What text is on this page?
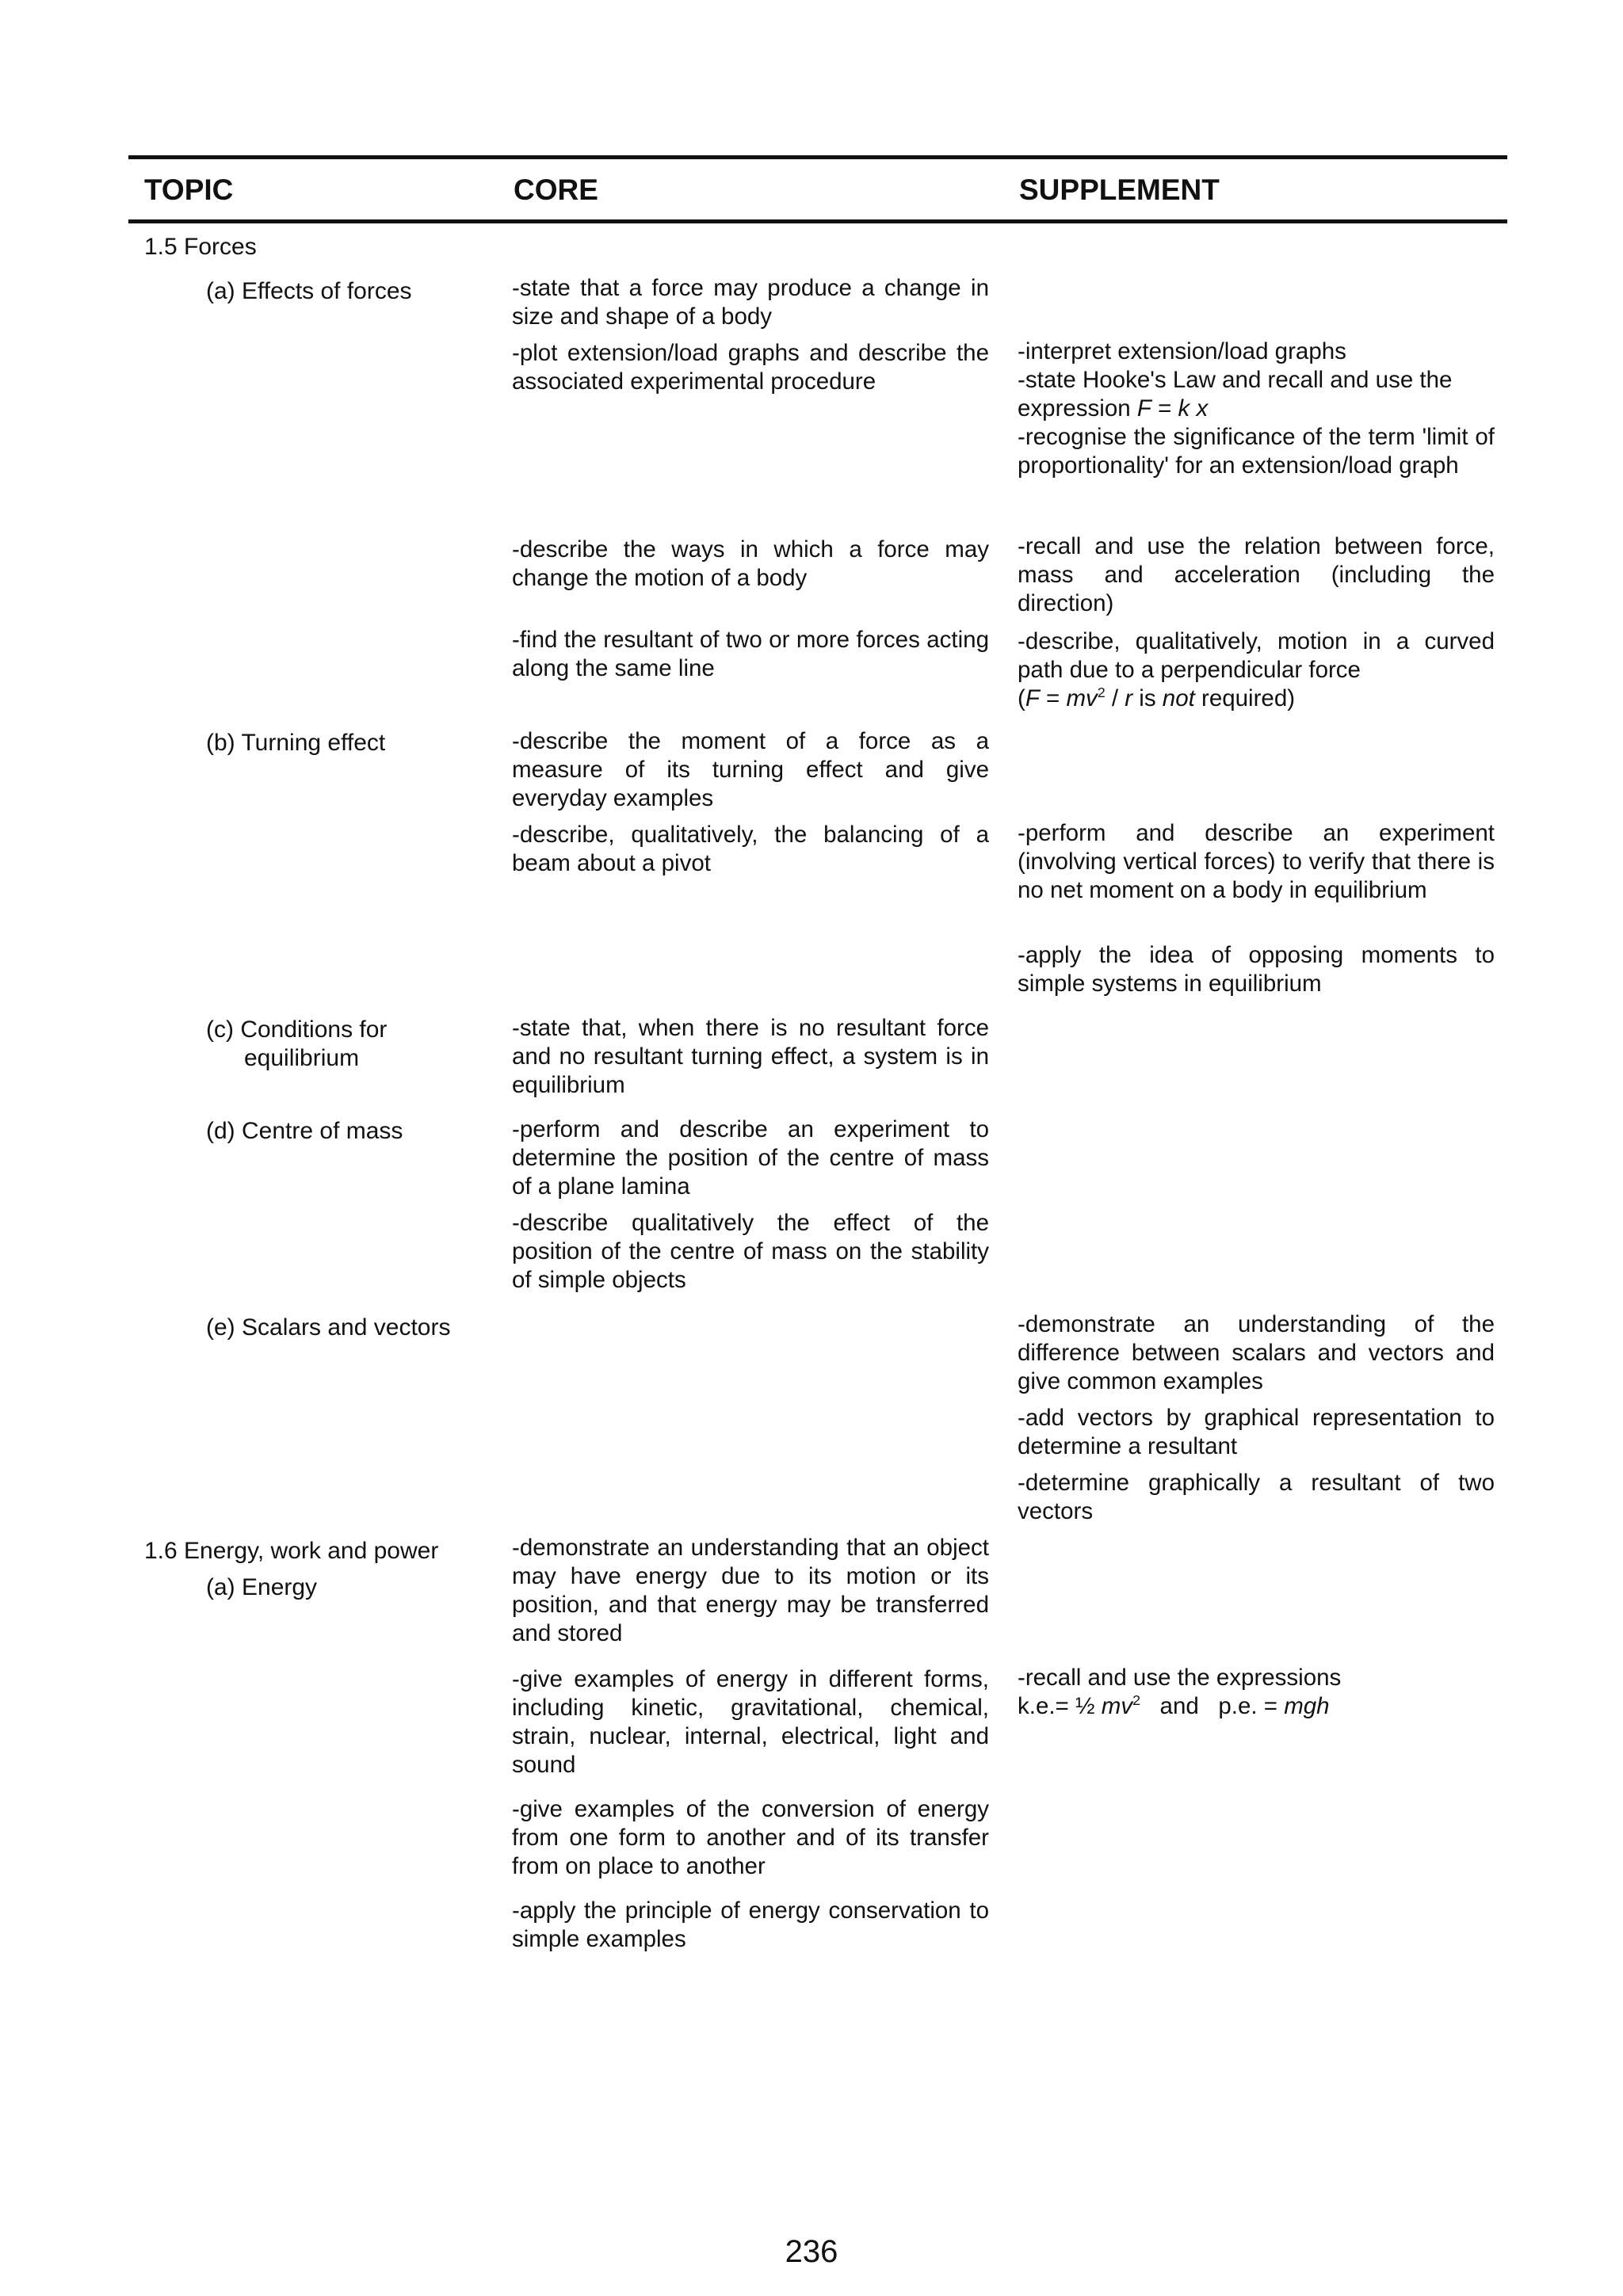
TOPIC	CORE	SUPPLEMENT
1.5 Forces
(a) Effects of forces
(b) Turning effect
(c) Conditions for
equilibrium
(d) Centre of mass
(e) Scalars and vectors
1.6 Energy, work and power
(a) Energy
-state that a force may produce a change in size and shape of a body
-plot extension/load graphs and describe the associated experimental procedure
-describe the ways in which a force may change the motion of a body
-find the resultant of two or more forces acting along the same line
-describe the moment of a force as a measure of its turning effect and give everyday examples
-describe, qualitatively, the balancing of a beam about a pivot
-state that, when there is no resultant force and no resultant turning effect, a system is in equilibrium
-perform and describe an experiment to determine the position of the centre of mass of a plane lamina
-describe qualitatively the effect of the position of the centre of mass on the stability of simple objects
-demonstrate an understanding that an object may have energy due to its motion or its position, and that energy may be transferred and stored
-give examples of energy in different forms, including kinetic, gravitational, chemical, strain, nuclear, internal, electrical, light and sound
-give examples of the conversion of energy from one form to another and of its transfer from on place to another
-apply the principle of energy conservation to simple examples
-interpret extension/load graphs
-state Hooke's Law and recall and use the
expression F = k x
-recognise the significance of the term 'limit of proportionality' for an extension/load graph
-recall and use the relation between force, mass and acceleration (including the direction)
-describe, qualitatively, motion in a curved path due to a perpendicular force
($F = mv^2 / r$ is not required)
-perform and describe an experiment (involving vertical forces) to verify that there is no net moment on a body in equilibrium
-apply the idea of opposing moments to simple systems in equilibrium
-demonstrate an understanding of the difference between scalars and vectors and give common examples
-add vectors by graphical representation to determine a resultant
-determine graphically a resultant of two vectors
-recall and use the expressions
k.e.= ½ $mv^2$   and   p.e. = mgh
236
